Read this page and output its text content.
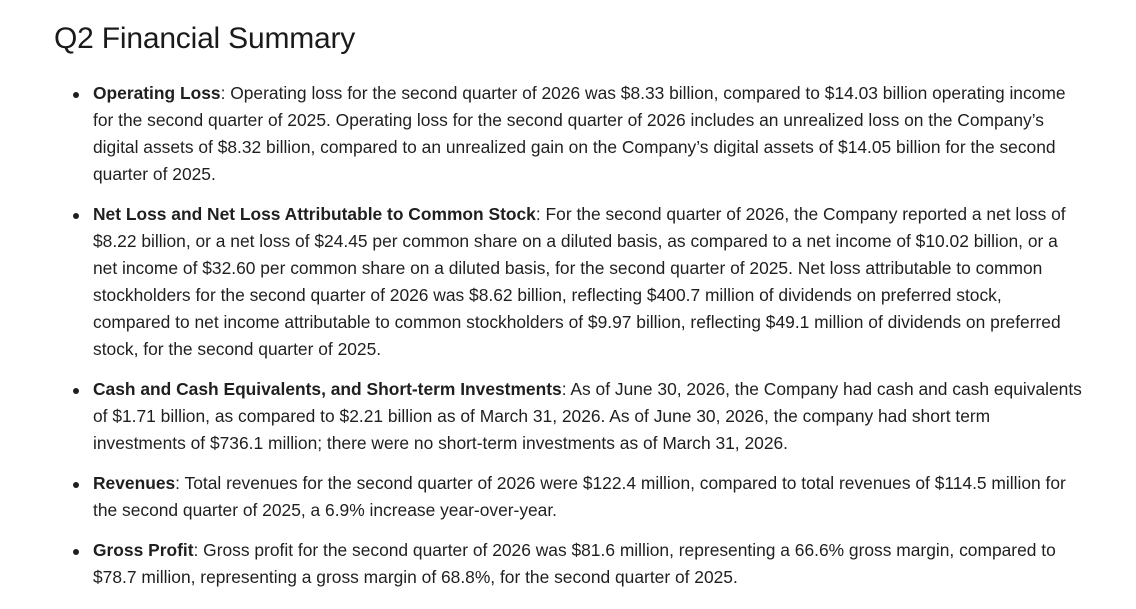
Q2 Financial Summary
Operating Loss: Operating loss for the second quarter of 2026 was $8.33 billion, compared to $14.03 billion operating income for the second quarter of 2025. Operating loss for the second quarter of 2026 includes an unrealized loss on the Company’s digital assets of $8.32 billion, compared to an unrealized gain on the Company’s digital assets of $14.05 billion for the second quarter of 2025.
Net Loss and Net Loss Attributable to Common Stock: For the second quarter of 2026, the Company reported a net loss of $8.22 billion, or a net loss of $24.45 per common share on a diluted basis, as compared to a net income of $10.02 billion, or a net income of $32.60 per common share on a diluted basis, for the second quarter of 2025. Net loss attributable to common stockholders for the second quarter of 2026 was $8.62 billion, reflecting $400.7 million of dividends on preferred stock, compared to net income attributable to common stockholders of $9.97 billion, reflecting $49.1 million of dividends on preferred stock, for the second quarter of 2025.
Cash and Cash Equivalents, and Short-term Investments: As of June 30, 2026, the Company had cash and cash equivalents of $1.71 billion, as compared to $2.21 billion as of March 31, 2026. As of June 30, 2026, the company had short term investments of $736.1 million; there were no short-term investments as of March 31, 2026.
Revenues: Total revenues for the second quarter of 2026 were $122.4 million, compared to total revenues of $114.5 million for the second quarter of 2025, a 6.9% increase year-over-year.
Gross Profit: Gross profit for the second quarter of 2026 was $81.6 million, representing a 66.6% gross margin, compared to $78.7 million, representing a gross margin of 68.8%, for the second quarter of 2025.
